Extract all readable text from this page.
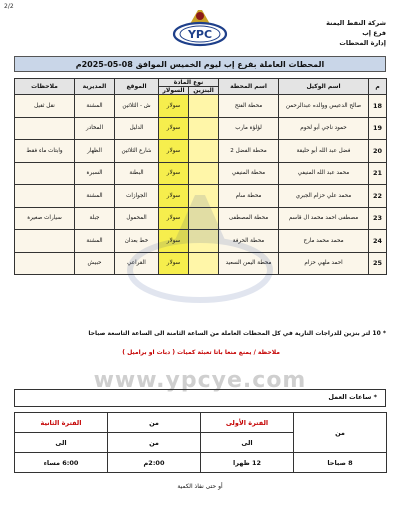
2/2
شركة النفط اليمنة
فرع إب
إدارة المحطات
YPC
المحطات العاملة بفرع إب ليوم الخميس الموافق 08-05-2025م
م	اسم الوكيل	اسم المحطة	نوع المادة		الموقع	المديرية	ملاحظات
			البنزين	السولار			
18	صالح الدعيس ووالده عبدالرحمن	محطة الفتح		سولار	ش - الثلاثين	المشنة	نقل ثقيل
19	حمود ناجي أبو لحوم	لؤلؤة مارب		سولار	الدليل	المخادر	
20	فضل عبد الله أبو حليقة	محطة الفضل 2		سولار	شارع الثلاثين	الظهار	وابتات ماء فقط
21	محمد عبد الله المنيفي	محطة المنيفي		سولار	البطنة	السبرة	
22	محمد علي حزام الجبري	محطة سام		سولار	الجوازات	المشنة	
23	مصطفى احمد محمد ال قاسم	محطة المصطفى		سولار	المحمول	جبلة	سيارات صغيرة
24	محمد محمد مارح	محطة الحرفة		سولار	خط بعدان	المشنة	
25	احمد ملهي حزام	محطة اليمن السعيد		سولار	القراعي	حبيش	
* 10 لتر بنزين للدراجات النارية في كل المحطات العاملة من الساعة الثامنة الى الساعة التاسعة صباحا
ملاحظة / يمنع منعا باتا تعبئة كميات ( دبات او براميل )
www.ypcye.com
* ساعات العمل
من	الفترة الأولى	من	الفترة الثانية
	الى	من	الى
8 صباحا	12 ظهرا	2:00م	6:00 مساء
أو حتى نفاذ الكمية
